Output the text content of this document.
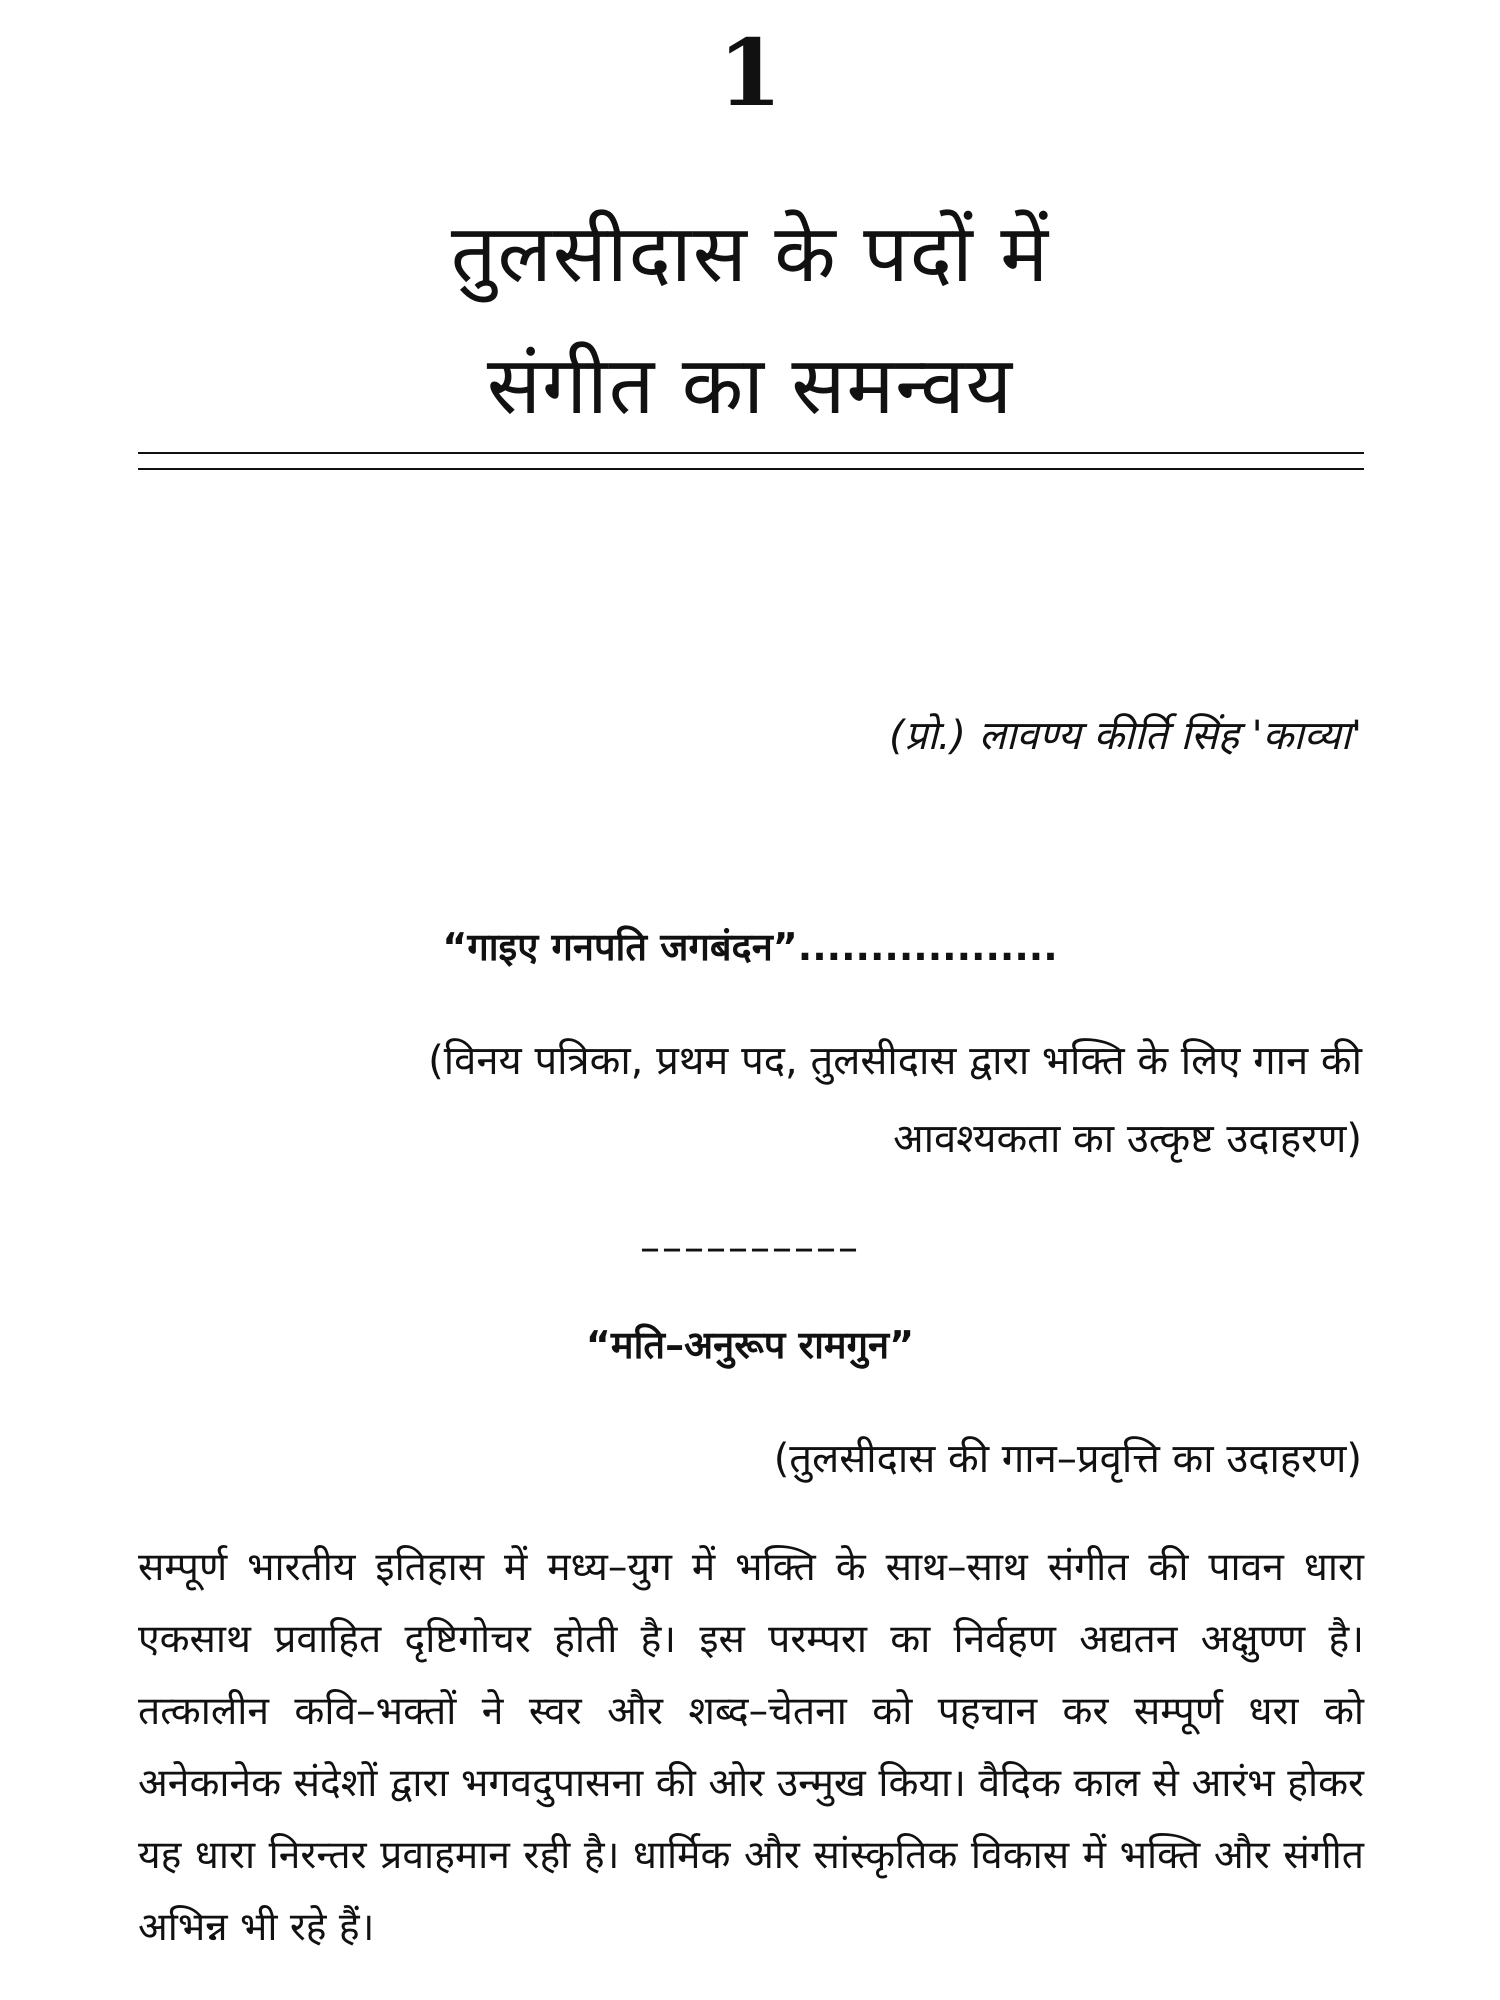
1
तुलसीदास के पदों में
संगीत का समन्वय
(प्रो.) लावण्य कीर्ति सिंह 'काव्या'
“गाइए गनपति जगबंदन”..................
(विनय पत्रिका, प्रथम पद, तुलसीदास द्वारा भक्ति के लिए गान की आवश्यकता का उत्कृष्ट उदाहरण)
––––––––––
“मति–अनुरूप रामगुन”
(तुलसीदास की गान–प्रवृत्ति का उदाहरण)
सम्पूर्ण भारतीय इतिहास में मध्य–युग में भक्ति के साथ–साथ संगीत की पावन धारा एकसाथ प्रवाहित दृष्टिगोचर होती है। इस परम्परा का निर्वहण अद्यतन अक्षुण्ण है। तत्कालीन कवि–भक्तों ने स्वर और शब्द–चेतना को पहचान कर सम्पूर्ण धरा को अनेकानेक संदेशों द्वारा भगवदुपासना की ओर उन्मुख किया। वैदिक काल से आरंभ होकर यह धारा निरन्तर प्रवाहमान रही है। धार्मिक और सांस्कृतिक विकास में भक्ति और संगीत अभिन्न भी रहे हैं।
